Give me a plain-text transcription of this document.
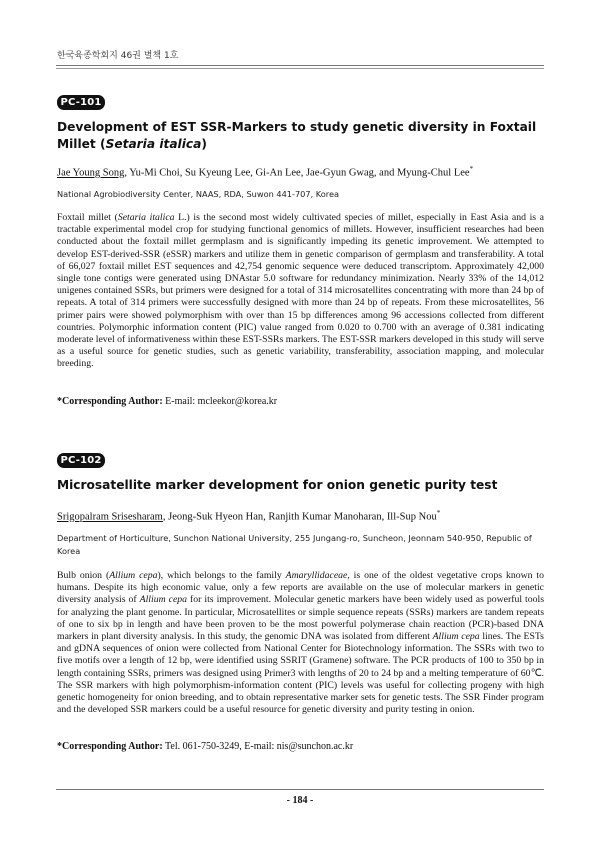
한국육종학회지 46권 별책 1호
PC-101
Development of EST SSR-Markers to study genetic diversity in Foxtail Millet (Setaria italica)
Jae Young Song, Yu-Mi Choi, Su Kyeung Lee, Gi-An Lee, Jae-Gyun Gwag, and Myung-Chul Lee*
National Agrobiodiversity Center, NAAS, RDA, Suwon 441-707, Korea

Foxtail millet (Setaria italica L.) is the second most widely cultivated species of millet, especially in East Asia and is a tractable experimental model crop for studying functional genomics of millets. However, insufficient researches had been conducted about the foxtail millet germplasm and is significantly impeding its genetic improvement. We attempted to develop EST-derived-SSR (eSSR) markers and utilize them in genetic comparison of germplasm and transferability. A total of 66,027 foxtail millet EST sequences and 42,754 genomic sequence were deduced transcriptom. Approximately 42,000 single tone contigs were generated using DNAstar 5.0 software for redundancy minimization. Nearly 33% of the 14,012 unigenes contained SSRs, but primers were designed for a total of 314 microsatellites concentrating with more than 24 bp of repeats. A total of 314 primers were successfully designed with more than 24 bp of repeats. From these microsatellites, 56 primer pairs were showed polymorphism with over than 15 bp differences among 96 accessions collected from different countries. Polymorphic information content (PIC) value ranged from 0.020 to 0.700 with an average of 0.381 indicating moderate level of informativeness within these EST-SSRs markers. The EST-SSR markers developed in this study will serve as a useful source for genetic studies, such as genetic variability, transferability, association mapping, and molecular breeding.

*Corresponding Author: E-mail: mcleekor@korea.kr
PC-102
Microsatellite marker development for onion genetic purity test
Srigopalram Srisesharam, Jeong-Suk Hyeon Han, Ranjith Kumar Manoharan, Ill-Sup Nou*
Department of Horticulture, Sunchon National University, 255 Jungang-ro, Suncheon, Jeonnam 540-950, Republic of Korea

Bulb onion (Allium cepa), which belongs to the family Amaryllidaceae, is one of the oldest vegetative crops known to humans. Despite its high economic value, only a few reports are available on the use of molecular markers in genetic diversity analysis of Allium cepa for its improvement. Molecular genetic markers have been widely used as powerful tools for analyzing the plant genome. In particular, Microsatellites or simple sequence repeats (SSRs) markers are tandem repeats of one to six bp in length and have been proven to be the most powerful polymerase chain reaction (PCR)-based DNA markers in plant diversity analysis. In this study, the genomic DNA was isolated from different Allium cepa lines. The ESTs and gDNA sequences of onion were collected from National Center for Biotechnology information. The SSRs with two to five motifs over a length of 12 bp, were identified using SSRIT (Gramene) software. The PCR products of 100 to 350 bp in length containing SSRs, primers was designed using Primer3 with lengths of 20 to 24 bp and a melting temperature of 60℃. The SSR markers with high polymorphism-information content (PIC) levels was useful for collecting progeny with high genetic homogeneity for onion breeding, and to obtain representative marker sets for genetic tests. The SSR Finder program and the developed SSR markers could be a useful resource for genetic diversity and purity testing in onion.

*Corresponding Author: Tel. 061-750-3249, E-mail: nis@sunchon.ac.kr
- 184 -
